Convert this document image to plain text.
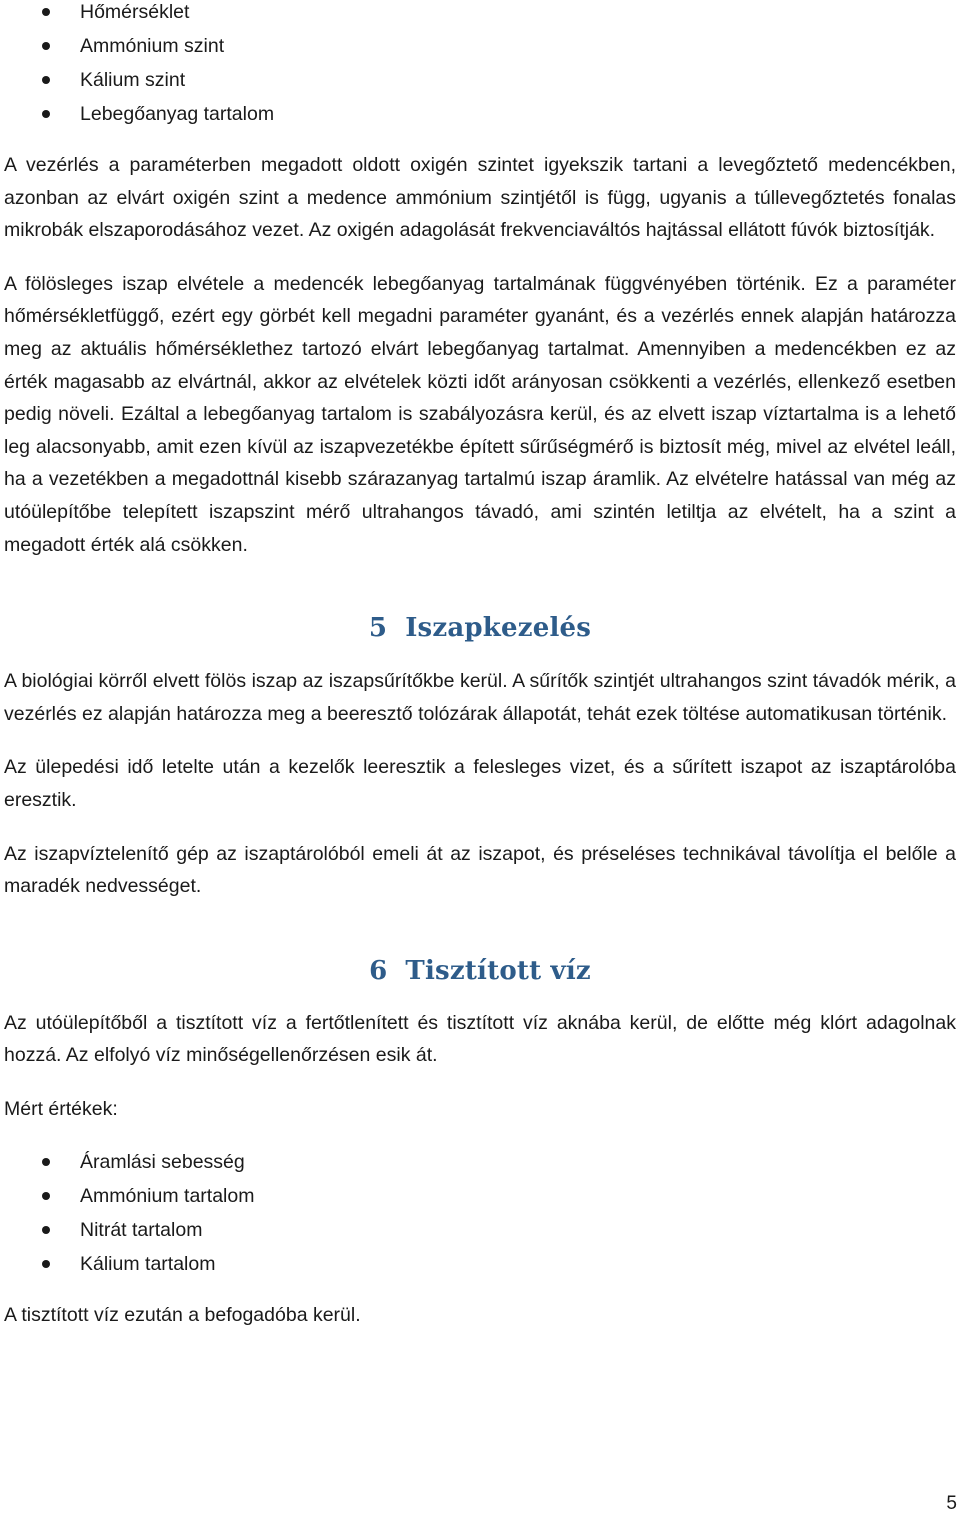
Hőmérséklet
Ammónium szint
Kálium szint
Lebegőanyag tartalom

A vezérlés a paraméterben megadott oldott oxigén szintet igyekszik tartani a levegőztető medencékben, azonban az elvárt oxigén szint a medence ammónium szintjétől is függ, ugyanis a túllevegőztetés fonalas mikrobák elszaporodásához vezet. Az oxigén adagolását frekvenciaváltós hajtással ellátott fúvók biztosítják.

A fölösleges iszap elvétele a medencék lebegőanyag tartalmának függvényében történik. Ez a paraméter hőmérsékletfüggő, ezért egy görbét kell megadni paraméter gyanánt, és a vezérlés ennek alapján határozza meg az aktuális hőmérséklethez tartozó elvárt lebegőanyag tartalmat. Amennyiben a medencékben ez az érték magasabb az elvártnál, akkor az elvételek közti időt arányosan csökkenti a vezérlés, ellenkező esetben pedig növeli. Ezáltal a lebegőanyag tartalom is szabályozásra kerül, és az elvett iszap víztartalma is a lehető leg alacsonyabb, amit ezen kívül az iszapvezetékbe épített sűrűségmérő is biztosít még, mivel az elvétel leáll, ha a vezetékben a megadottnál kisebb szárazanyag tartalmú iszap áramlik. Az elvételre hatással van még az utóülepítőbe telepített iszapszint mérő ultrahangos távadó, ami szintén letiltja az elvételt, ha a szint a megadott érték alá csökken.

5 Iszapkezelés

A biológiai körről elvett fölös iszap az iszapsűrítőkbe kerül. A sűrítők szintjét ultrahangos szint távadók mérik, a vezérlés ez alapján határozza meg a beeresztő tolózárak állapotát, tehát ezek töltése automatikusan történik.

Az ülepedési idő letelte után a kezelők leeresztik a felesleges vizet, és a sűrített iszapot az iszaptárolóba eresztik.

Az iszapvíztelenítő gép az iszaptárolóból emeli át az iszapot, és préseléses technikával távolítja el belőle a maradék nedvességet.

6 Tisztított víz

Az utóülepítőből a tisztított víz a fertőtlenített és tisztított víz aknába kerül, de előtte még klórt adagolnak hozzá. Az elfolyó víz minőségellenőrzésen esik át.

Mért értékek:

Áramlási sebesség
Ammónium tartalom
Nitrát tartalom
Kálium tartalom

A tisztított víz ezután a befogadóba kerül.

5
